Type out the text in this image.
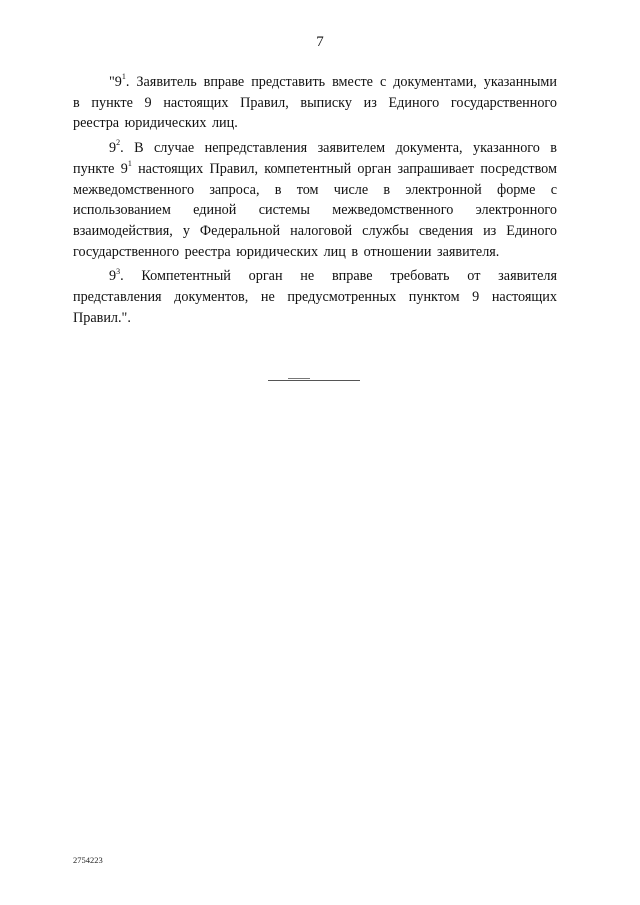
7

"$9^1$. Заявитель вправе представить вместе с документами, указанными в пункте 9 настоящих Правил, выписку из Единого государственного реестра юридических лиц.

$9^2$. В случае непредставления заявителем документа, указанного в пункте $9^1$ настоящих Правил, компетентный орган запрашивает посредством межведомственного запроса, в том числе в электронной форме с использованием единой системы межведомственного электронного взаимодействия, у Федеральной налоговой службы сведения из Единого государственного реестра юридических лиц в отношении заявителя.

$9^3$. Компетентный орган не вправе требовать от заявителя представления документов, не предусмотренных пунктом 9 настоящих Правил.".

2754223
